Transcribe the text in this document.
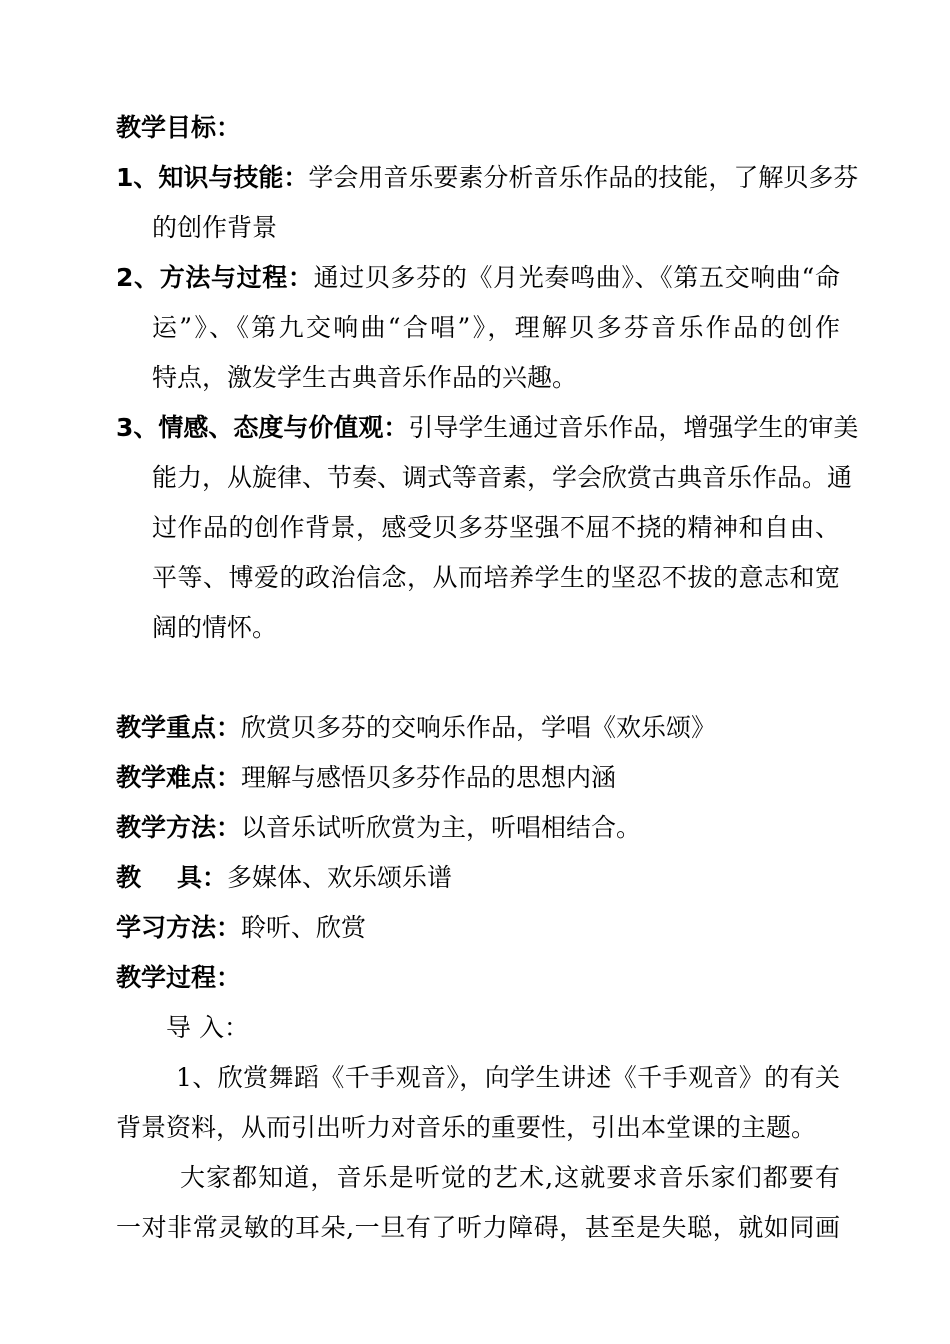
教学目标：
1、知识与技能：学会用音乐要素分析音乐作品的技能，了解贝多芬
的创作背景
2、方法与过程：通过贝多芬的《月光奏鸣曲》、《第五交响曲“命
运”》、《第九交响曲“合唱”》，理解贝多芬音乐作品的创作
特点，激发学生古典音乐作品的兴趣。
3、情感、态度与价值观：引导学生通过音乐作品，增强学生的审美
能力，从旋律、节奏、调式等音素，学会欣赏古典音乐作品。通
过作品的创作背景，感受贝多芬坚强不屈不挠的精神和自由、
平等、博爱的政治信念，从而培养学生的坚忍不拔的意志和宽
阔的情怀。
教学重点：欣赏贝多芬的交响乐作品，学唱《欢乐颂》
教学难点：理解与感悟贝多芬作品的思想内涵
教学方法：以音乐试听欣赏为主，听唱相结合。
教 具：多媒体、欢乐颂乐谱
学习方法：聆听、欣赏
教学过程：
导 入：
1、欣赏舞蹈《千手观音》，向学生讲述《千手观音》的有关
背景资料，从而引出听力对音乐的重要性，引出本堂课的主题。
大家都知道，音乐是听觉的艺术,这就要求音乐家们都要有
一对非常灵敏的耳朵,一旦有了听力障碍，甚至是失聪，就如同画
